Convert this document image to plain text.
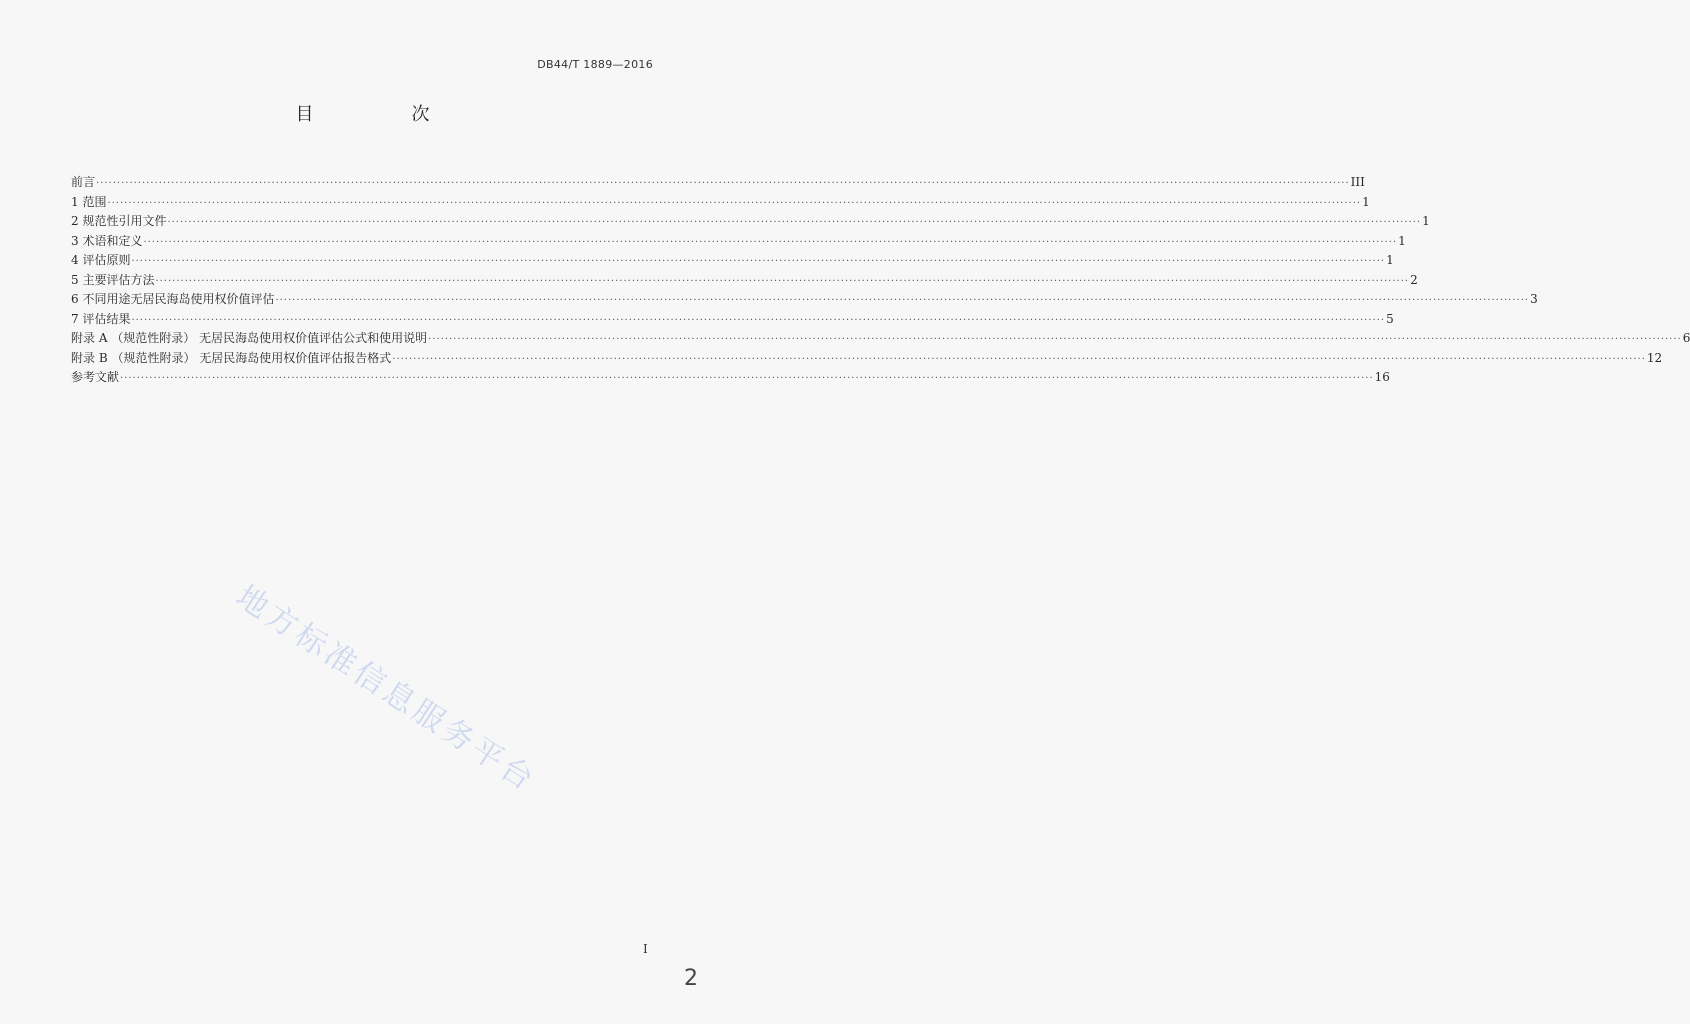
DB44/T 1889—2016
目　次
前言 ············································································································································································································································································································ III
1 范围 ············································································································································································································································································································ 1
2 规范性引用文件 ············································································································································································································································································································ 1
3 术语和定义 ············································································································································································································································································································ 1
4 评估原则 ············································································································································································································································································································ 1
5 主要评估方法 ············································································································································································································································································································ 2
6 不同用途无居民海岛使用权价值评估 ············································································································································································································································································································ 3
7 评估结果 ············································································································································································································································································································ 5
附录 A （规范性附录） 无居民海岛使用权价值评估公式和使用说明 ············································································································································································································································································································ 6
附录 B （规范性附录） 无居民海岛使用权价值评估报告格式 ············································································································································································································································································································ 12
参考文献 ············································································································································································································································································································ 16
地方标准信息服务平台
I
2
